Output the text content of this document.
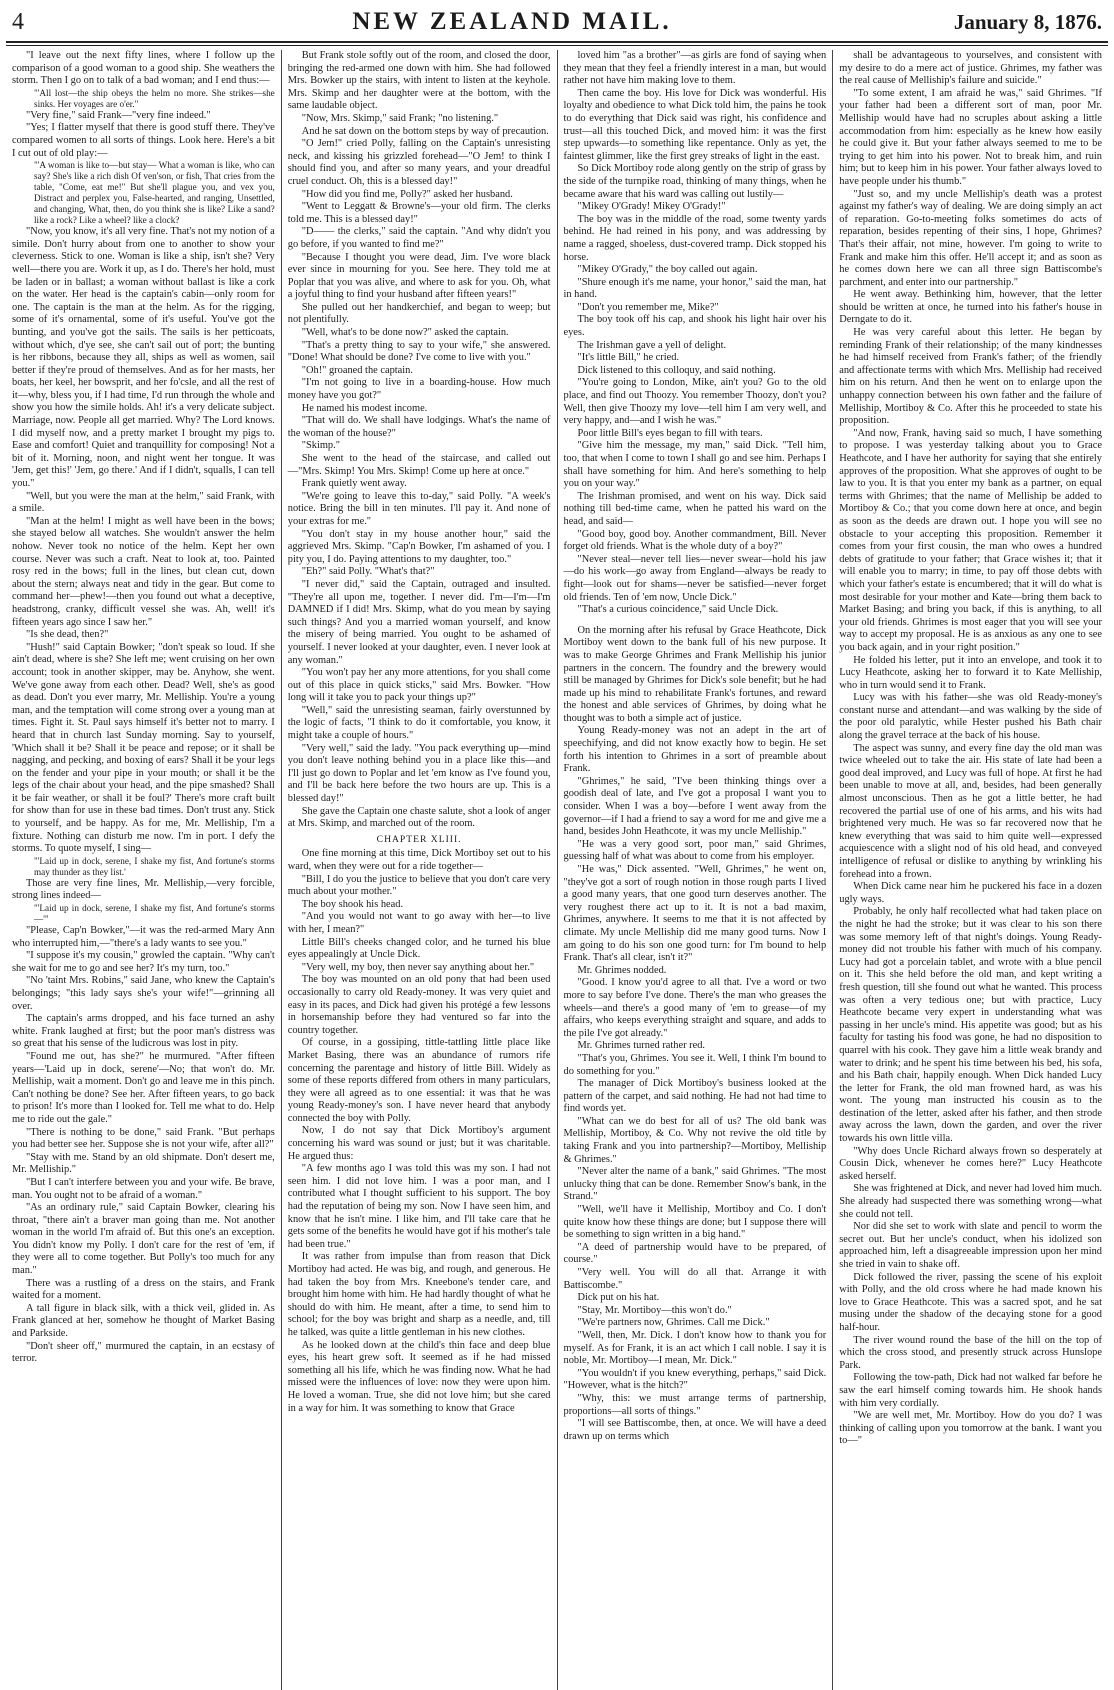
4	NEW ZEALAND MAIL.	January 8, 1876.

"I leave out the next fifty lines, where I follow up the comparison of a good woman to a good ship. She weathers the storm. Then I go on to talk of a bad woman; and I end thus:—

"'All lost—the ship obeys the helm no more. She strikes—she sinks. Her voyages are o'er."

"Very fine," said Frank—"very fine indeed."

"Yes; I flatter myself that there is good stuff there. They've compared women to all sorts of things. Look here. Here's a bit I cut out of old play:—

"'A woman is like to—but stay— What a woman is like, who can say? She's like a rich dish Of ven'son, or fish, That cries from the table, "Come, eat me!" But she'll plague you, and vex you, Distract and perplex you, False-hearted, and ranging, Unsettled, and changing, What, then, do you think she is like? Like a sand? like a rock? Like a wheel? like a clock?

"Now, you know, it's all very fine. That's not my notion of a simile. Don't hurry about from one to another to show your cleverness. Stick to one. Woman is like a ship, isn't she? Very well—there you are. Work it up, as I do. There's her hold, must be laden or in ballast; a woman without ballast is like a cork on the water. Her head is the captain's cabin—only room for one. The captain is the man at the helm. As for the rigging, some of it's ornamental, some of it's useful. You've got the bunting, and you've got the sails. The sails is her petticoats, without which, d'ye see, she can't sail out of port; the bunting is her ribbons, because they all, ships as well as women, sail better if they're proud of themselves. And as for her masts, her boats, her keel, her bowsprit, and her fo'csle, and all the rest of it—why, bless you, if I had time, I'd run through the whole and show you how the simile holds. Ah! it's a very delicate subject. Marriage, now. People all get married. Why? The Lord knows. I did myself now, and a pretty market I brought my pigs to. Ease and comfort! Quiet and tranquillity for composing! Not a bit of it. Morning, noon, and night went her tongue. It was 'Jem, get this!' 'Jem, go there.' And if I didn't, squalls, I can tell you."

"Well, but you were the man at the helm," said Frank, with a smile.

"Man at the helm! I might as well have been in the bows; she stayed below all watches. She wouldn't answer the helm nohow. Never took no notice of the helm. Kept her own course. Never was such a craft. Neat to look at, too. Painted rosy red in the bows; full in the lines, but clean cut, down about the stern; always neat and tidy in the gear. But come to command her—phew!—then you found out what a deceptive, headstrong, cranky, difficult vessel she was. Ah, well! it's fifteen years ago since I saw her."

"Is she dead, then?"

"Hush!" said Captain Bowker; "don't speak so loud. If she ain't dead, where is she? She left me; went cruising on her own account; took in another skipper, may be. Anyhow, she went. We've gone away from each other. Dead? Well, she's as good as dead. Don't you ever marry, Mr. Melliship. You're a young man, and the temptation will come strong over a young man at times. Fight it. St. Paul says himself it's better not to marry. I heard that in church last Sunday morning. Say to yourself, 'Which shall it be? Shall it be peace and repose; or it shall be nagging, and pecking, and boxing of ears? Shall it be your legs on the fender and your pipe in your mouth; or shall it be the legs of the chair about your head, and the pipe smashed? Shall it be fair weather, or shall it be foul?' There's more craft built for show than for use in these bad times. Don't trust any. Stick to yourself, and be happy. As for me, Mr. Melliship, I'm a fixture. Nothing can disturb me now. I'm in port. I defy the storms. To quote myself, I sing—

"'Laid up in dock, serene, I shake my fist, And fortune's storms may thunder as they list.'

Those are very fine lines, Mr. Melliship,—very forcible, strong lines indeed—

"'Laid up in dock, serene, I shake my fist, And fortune's storms—'"

"Please, Cap'n Bowker,"—it was the red-armed Mary Ann who interrupted him,—"there's a lady wants to see you."

"I suppose it's my cousin," growled the captain. "Why can't she wait for me to go and see her? It's my turn, too."

"No 'taint Mrs. Robins," said Jane, who knew the Captain's belongings; "this lady says she's your wife!"—grinning all over.

The captain's arms dropped, and his face turned an ashy white. Frank laughed at first; but the poor man's distress was so great that his sense of the ludicrous was lost in pity.

"Found me out, has she?" he murmured. "After fifteen years—'Laid up in dock, serene'—No; that won't do. Mr. Melliship, wait a moment. Don't go and leave me in this pinch. Can't nothing be done? See her. After fifteen years, to go back to prison! It's more than I looked for. Tell me what to do. Help me to ride out the gale."

"There is nothing to be done," said Frank. "But perhaps you had better see her. Suppose she is not your wife, after all?"

"Stay with me. Stand by an old shipmate. Don't desert me, Mr. Melliship."

"But I can't interfere between you and your wife. Be brave, man. You ought not to be afraid of a woman."

"As an ordinary rule," said Captain Bowker, clearing his throat, "there ain't a braver man going than me. Not another woman in the world I'm afraid of. But this one's an exception. You didn't know my Polly. I don't care for the rest of 'em, if they were all to come together. But Polly's too much for any man."

There was a rustling of a dress on the stairs, and Frank waited for a moment.

A tall figure in black silk, with a thick veil, glided in. As Frank glanced at her, somehow he thought of Market Basing and Parkside.

"Don't sheer off," murmured the captain, in an ecstasy of terror.

But Frank stole softly out of the room, and closed the door, bringing the red-armed one down with him. She had followed Mrs. Bowker up the stairs, with intent to listen at the keyhole. Mrs. Skimp and her daughter were at the bottom, with the same laudable object.

"Now, Mrs. Skimp," said Frank; "no listening."

And he sat down on the bottom steps by way of precaution.

"O Jem!" cried Polly, falling on the Captain's unresisting neck, and kissing his grizzled forehead—"O Jem! to think I should find you, and after so many years, and your dreadful cruel conduct. Oh, this is a blessed day!"

"How did you find me, Polly?" asked her husband.

"Went to Leggatt & Browne's—your old firm. The clerks told me. This is a blessed day!"

"D—— the clerks," said the captain. "And why didn't you go before, if you wanted to find me?"

"Because I thought you were dead, Jim. I've wore black ever since in mourning for you. See here. They told me at Poplar that you was alive, and where to ask for you. Oh, what a joyful thing to find your husband after fifteen years!"

She pulled out her handkerchief, and began to weep; but not plentifully.

"Well, what's to be done now?" asked the captain.

"That's a pretty thing to say to your wife," she answered. "Done! What should be done? I've come to live with you."

"Oh!" groaned the captain.

"I'm not going to live in a boarding-house. How much money have you got?"

He named his modest income.

"That will do. We shall have lodgings. What's the name of the woman of the house?"

"Skimp."

She went to the head of the staircase, and called out—"Mrs. Skimp! You Mrs. Skimp! Come up here at once."

Frank quietly went away.

"We're going to leave this to-day," said Polly. "A week's notice. Bring the bill in ten minutes. I'll pay it. And none of your extras for me."

"You don't stay in my house another hour," said the aggrieved Mrs. Skimp. "Cap'n Bowker, I'm ashamed of you. I pity you, I do. Paying attentions to my daughter, too."

"Eh?" said Polly. "What's that?"

"I never did," said the Captain, outraged and insulted. "They're all upon me, together. I never did. I'm—I'm—I'm DAMNED if I did! Mrs. Skimp, what do you mean by saying such things? And you a married woman yourself, and know the misery of being married. You ought to be ashamed of yourself. I never looked at your daughter, even. I never look at any woman."

"You won't pay her any more attentions, for you shall come out of this place in quick sticks," said Mrs. Bowker. "How long will it take you to pack your things up?"

"Well," said the unresisting seaman, fairly overstunned by the logic of facts, "I think to do it comfortable, you know, it might take a couple of hours."

"Very well," said the lady. "You pack everything up—mind you don't leave nothing behind you in a place like this—and I'll just go down to Poplar and let 'em know as I've found you, and I'll be back here before the two hours are up. This is a blessed day!"

She gave the Captain one chaste salute, shot a look of anger at Mrs. Skimp, and marched out of the room.

CHAPTER XLIII.

One fine morning at this time, Dick Mortiboy set out to his ward, when they were out for a ride together—

"Bill, I do you the justice to believe that you don't care very much about your mother."

The boy shook his head.

"And you would not want to go away with her—to live with her, I mean?"

Little Bill's cheeks changed color, and he turned his blue eyes appealingly at Uncle Dick.

"Very well, my boy, then never say anything about her."

The boy was mounted on an old pony that had been used occasionally to carry old Ready-money. It was very quiet and easy in its paces, and Dick had given his protégé a few lessons in horsemanship before they had ventured so far into the country together.

Of course, in a gossiping, tittle-tattling little place like Market Basing, there was an abundance of rumors rife concerning the parentage and history of little Bill. Widely as some of these reports differed from others in many particulars, they were all agreed as to one essential: it was that he was young Ready-money's son. I have never heard that anybody connected the boy with Polly.

Now, I do not say that Dick Mortiboy's argument concerning his ward was sound or just; but it was charitable. He argued thus:

"A few months ago I was told this was my son. I had not seen him. I did not love him. I was a poor man, and I contributed what I thought sufficient to his support. The boy had the reputation of being my son. Now I have seen him, and know that he isn't mine. I like him, and I'll take care that he gets some of the benefits he would have got if his mother's tale had been true."

It was rather from impulse than from reason that Dick Mortiboy had acted. He was big, and rough, and generous. He had taken the boy from Mrs. Kneebone's tender care, and brought him home with him. He had hardly thought of what he should do with him. He meant, after a time, to send him to school; for the boy was bright and sharp as a needle, and, till he talked, was quite a little gentleman in his new clothes.

As he looked down at the child's thin face and deep blue eyes, his heart grew soft. It seemed as if he had missed something all his life, which he was finding now. What he had missed were the influences of love: now they were upon him. He loved a woman. True, she did not love him; but she cared in a way for him. It was something to know that Grace

loved him "as a brother"—as girls are fond of saying when they mean that they feel a friendly interest in a man, but would rather not have him making love to them.

Then came the boy. His love for Dick was wonderful. His loyalty and obedience to what Dick told him, the pains he took to do everything that Dick said was right, his confidence and trust—all this touched Dick, and moved him: it was the first step upwards—to something like repentance. Only as yet, the faintest glimmer, like the first grey streaks of light in the east.

So Dick Mortiboy rode along gently on the strip of grass by the side of the turnpike road, thinking of many things, when he became aware that his ward was calling out lustily—

"Mikey O'Grady! Mikey O'Grady!"

The boy was in the middle of the road, some twenty yards behind. He had reined in his pony, and was addressing by name a ragged, shoeless, dust-covered tramp. Dick stopped his horse.

"Mikey O'Grady," the boy called out again.

"Shure enough it's me name, your honor," said the man, hat in hand.

"Don't you remember me, Mike?"

The boy took off his cap, and shook his light hair over his eyes.

The Irishman gave a yell of delight.

"It's little Bill," he cried.

Dick listened to this colloquy, and said nothing.

"You're going to London, Mike, ain't you? Go to the old place, and find out Thoozy. You remember Thoozy, don't you? Well, then give Thoozy my love—tell him I am very well, and very happy, and—and I wish he was."

Poor little Bill's eyes began to fill with tears.

"Give him the message, my man," said Dick. "Tell him, too, that when I come to town I shall go and see him. Perhaps I shall have something for him. And here's something to help you on your way."

The Irishman promised, and went on his way. Dick said nothing till bed-time came, when he patted his ward on the head, and said—

"Good boy, good boy. Another commandment, Bill. Never forget old friends. What is the whole duty of a boy?"

"Never steal—never tell lies—never swear—hold his jaw—do his work—go away from England—always be ready to fight—look out for shams—never be satisfied—never forget old friends. Ten of 'em now, Uncle Dick."

"That's a curious coincidence," said Uncle Dick.

On the morning after his refusal by Grace Heathcote, Dick Mortiboy went down to the bank full of his new purpose. It was to make George Ghrimes and Frank Melliship his junior partners in the concern. The foundry and the brewery would still be managed by Ghrimes for Dick's sole benefit; but he had made up his mind to rehabilitate Frank's fortunes, and reward the honest and able services of Ghrimes, by doing what he thought was to both a simple act of justice.

Young Ready-money was not an adept in the art of speechifying, and did not know exactly how to begin. He set forth his intention to Ghrimes in a sort of preamble about Frank.

"Ghrimes," he said, "I've been thinking things over a goodish deal of late, and I've got a proposal I want you to consider. When I was a boy—before I went away from the governor—if I had a friend to say a word for me and give me a hand, besides John Heathcote, it was my uncle Melliship."

"He was a very good sort, poor man," said Ghrimes, guessing half of what was about to come from his employer.

"He was," Dick assented. "Well, Ghrimes," he went on, "they've got a sort of rough notion in those rough parts I lived a good many years, that one good turn deserves another. The very roughest there act up to it. It is not a bad maxim, Ghrimes, anywhere. It seems to me that it is not affected by climate. My uncle Melliship did me many good turns. Now I am going to do his son one good turn: for I'm bound to help Frank. That's all clear, isn't it?"

Mr. Ghrimes nodded.

"Good. I know you'd agree to all that. I've a word or two more to say before I've done. There's the man who greases the wheels—and there's a good many of 'em to grease—of my affairs, who keeps everything straight and square, and adds to the pile I've got already."

Mr. Ghrimes turned rather red.

"That's you, Ghrimes. You see it. Well, I think I'm bound to do something for you."

The manager of Dick Mortiboy's business looked at the pattern of the carpet, and said nothing. He had not had time to find words yet.

"What can we do best for all of us? The old bank was Melliship, Mortiboy, & Co. Why not revive the old title by taking Frank and you into partnership?—Mortiboy, Melliship & Ghrimes."

"Never alter the name of a bank," said Ghrimes. "The most unlucky thing that can be done. Remember Snow's bank, in the Strand."

"Well, we'll have it Melliship, Mortiboy and Co. I don't quite know how these things are done; but I suppose there will be something to sign written in a big hand."

"A deed of partnership would have to be prepared, of course."

"Very well. You will do all that. Arrange it with Battiscombe."

Dick put on his hat.

"Stay, Mr. Mortiboy—this won't do."

"We're partners now, Ghrimes. Call me Dick."

"Well, then, Mr. Dick. I don't know how to thank you for myself. As for Frank, it is an act which I call noble. I say it is noble, Mr. Mortiboy—I mean, Mr. Dick."

"You wouldn't if you knew everything, perhaps," said Dick. "However, what is the hitch?"

"Why, this: we must arrange terms of partnership, proportions—all sorts of things."

"I will see Battiscombe, then, at once. We will have a deed drawn up on terms which

shall be advantageous to yourselves, and consistent with my desire to do a mere act of justice. Ghrimes, my father was the real cause of Melliship's failure and suicide."

"To some extent, I am afraid he was," said Ghrimes. "If your father had been a different sort of man, poor Mr. Melliship would have had no scruples about asking a little accommodation from him: especially as he knew how easily he could give it. But your father always seemed to me to be trying to get him into his power. Not to break him, and ruin him; but to keep him in his power. Your father always loved to have people under his thumb."

"Just so, and my uncle Melliship's death was a protest against my father's way of dealing. We are doing simply an act of reparation. Go-to-meeting folks sometimes do acts of reparation, besides repenting of their sins, I hope, Ghrimes? That's their affair, not mine, however. I'm going to write to Frank and make him this offer. He'll accept it; and as soon as he comes down here we can all three sign Battiscombe's parchment, and enter into our partnership."

He went away. Bethinking him, however, that the letter should be written at once, he turned into his father's house in Derngate to do it.

He was very careful about this letter. He began by reminding Frank of their relationship; of the many kindnesses he had himself received from Frank's father; of the friendly and affectionate terms with which Mrs. Melliship had received him on his return. And then he went on to enlarge upon the unhappy connection between his own father and the failure of Melliship, Mortiboy & Co. After this he proceeded to state his proposition.

"And now, Frank, having said so much, I have something to propose. I was yesterday talking about you to Grace Heathcote, and I have her authority for saying that she entirely approves of the proposition. What she approves of ought to be law to you. It is that you enter my bank as a partner, on equal terms with Ghrimes; that the name of Melliship be added to Mortiboy & Co.; that you come down here at once, and begin as soon as the deeds are drawn out. I hope you will see no obstacle to your accepting this proposition. Remember it comes from your first cousin, the man who owes a hundred debts of gratitude to your father; that Grace wishes it; that it will enable you to marry; in time, to pay off those debts with which your father's estate is encumbered; that it will do what is most desirable for your mother and Kate—bring them back to Market Basing; and bring you back, if this is anything, to all your old friends. Ghrimes is most eager that you will see your way to accept my proposal. He is as anxious as any one to see you back again, and in your right position."

He folded his letter, put it into an envelope, and took it to Lucy Heathcote, asking her to forward it to Kate Melliship, who in turn would send it to Frank.

Lucy was with his father—she was old Ready-money's constant nurse and attendant—and was walking by the side of the poor old paralytic, while Hester pushed his Bath chair along the gravel terrace at the back of his house.

The aspect was sunny, and every fine day the old man was twice wheeled out to take the air. His state of late had been a good deal improved, and Lucy was full of hope. At first he had been unable to move at all, and, besides, had been generally almost unconscious. Then as he got a little better, he had recovered the partial use of one of his arms, and his wits had brightened very much. He was so far recovered now that he knew everything that was said to him quite well—expressed acquiescence with a slight nod of his old head, and conveyed intelligence of refusal or dislike to anything by wrinkling his forehead into a frown.

When Dick came near him he puckered his face in a dozen ugly ways.

Probably, he only half recollected what had taken place on the night he had the stroke; but it was clear to his son there was some memory left of that night's doings. Young Ready-money did not trouble his father with much of his company. Lucy had got a porcelain tablet, and wrote with a blue pencil on it. This she held before the old man, and kept writing a fresh question, till she found out what he wanted. This process was often a very tedious one; but with practice, Lucy Heathcote became very expert in understanding what was passing in her uncle's mind. His appetite was good; but as his faculty for tasting his food was gone, he had no disposition to quarrel with his cook. They gave him a little weak brandy and water to drink; and he spent his time between his bed, his sofa, and his Bath chair, happily enough. When Dick handed Lucy the letter for Frank, the old man frowned hard, as was his wont. The young man instructed his cousin as to the destination of the letter, asked after his father, and then strode away across the lawn, down the garden, and over the river towards his own little villa.

"Why does Uncle Richard always frown so desperately at Cousin Dick, whenever he comes here?" Lucy Heathcote asked herself.

She was frightened at Dick, and never had loved him much. She already had suspected there was something wrong—what she could not tell.

Nor did she set to work with slate and pencil to worm the secret out. But her uncle's conduct, when his idolized son approached him, left a disagreeable impression upon her mind she tried in vain to shake off.

Dick followed the river, passing the scene of his exploit with Polly, and the old cross where he had made known his love to Grace Heathcote. This was a sacred spot, and he sat musing under the shadow of the decaying stone for a good half-hour.

The river wound round the base of the hill on the top of which the cross stood, and presently struck across Hunslope Park.

Following the tow-path, Dick had not walked far before he saw the earl himself coming towards him. He shook hands with him very cordially.

"We are well met, Mr. Mortiboy. How do you do? I was thinking of calling upon you tomorrow at the bank. I want you to—"
